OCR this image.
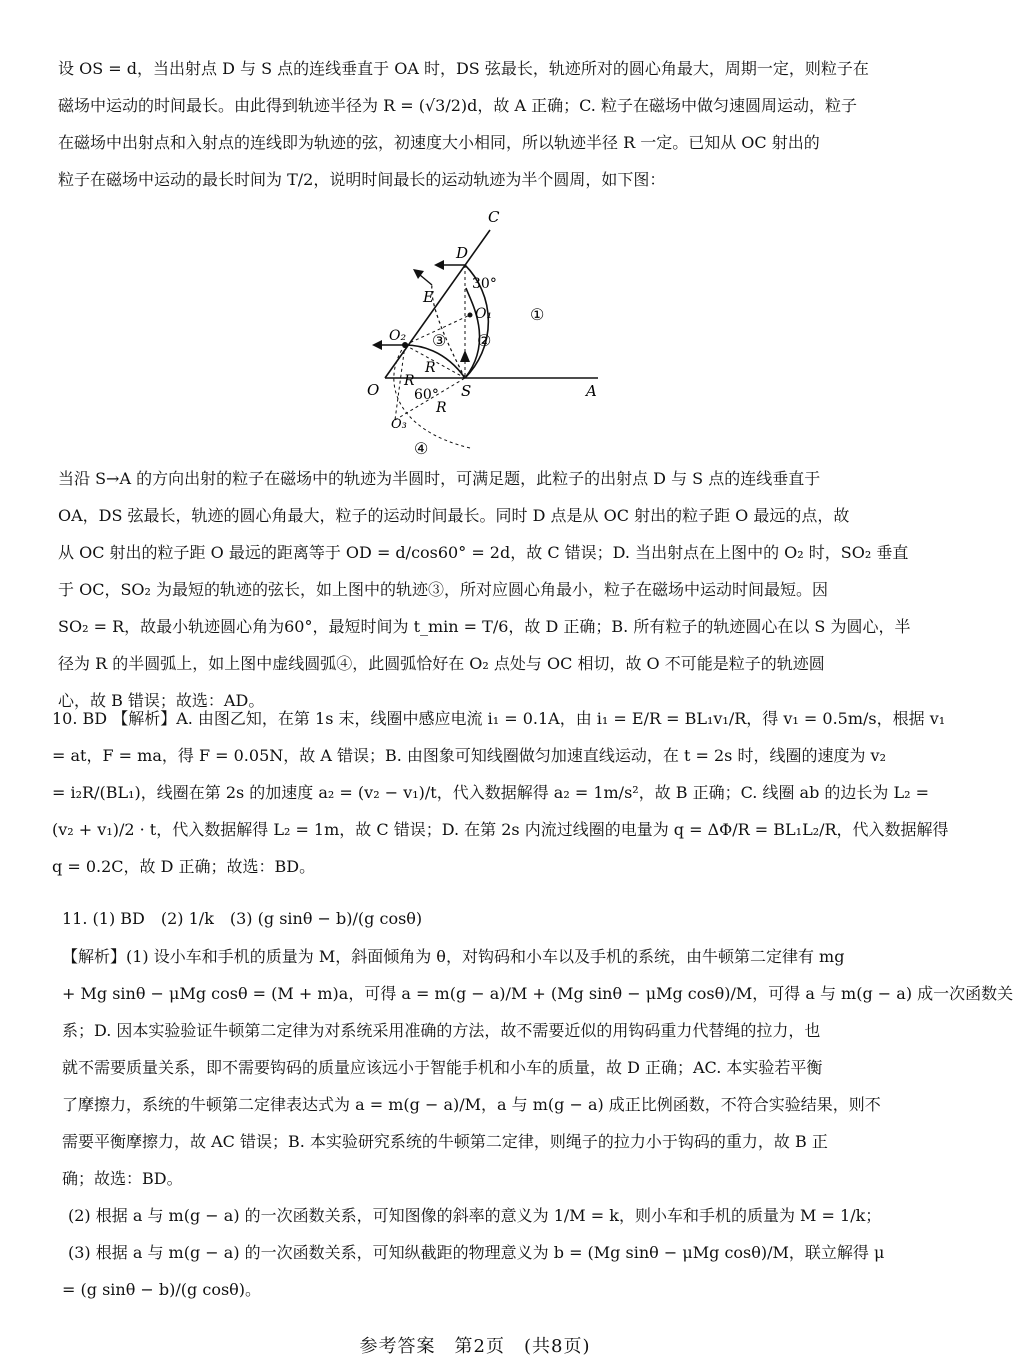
设 OS = d，当出射点 D 与 S 点的连线垂直于 OA 时，DS 弦最长，轨迹所对的圆心角最大，周期一定，则粒子在
磁场中运动的时间最长。由此得到轨迹半径为 R = (√3/2)d，故 A 正确；C. 粒子在磁场中做匀速圆周运动，粒子
在磁场中出射点和入射点的连线即为轨迹的弦，初速度大小相同，所以轨迹半径 R 一定。已知从 OC 射出的
粒子在磁场中运动的最长时间为 T/2，说明时间最长的运动轨迹为半个圆周，如下图：
C
D
30°
E
O₁ ①
O₂ ③ ②
R
O R
S	A
60°
R
O₃
④
当沿 S→A 的方向出射的粒子在磁场中的轨迹为半圆时，可满足题，此粒子的出射点 D 与 S 点的连线垂直于
OA，DS 弦最长，轨迹的圆心角最大，粒子的运动时间最长。同时 D 点是从 OC 射出的粒子距 O 最远的点，故
从 OC 射出的粒子距 O 最远的距离等于 OD = d/cos60° = 2d，故 C 错误；D. 当出射点在上图中的 O₂ 时，SO₂ 垂直
于 OC，SO₂ 为最短的轨迹的弦长，如上图中的轨迹③，所对应圆心角最小，粒子在磁场中运动时间最短。因
SO₂ = R，故最小轨迹圆心角为60°，最短时间为 t_min = T/6，故 D 正确；B. 所有粒子的轨迹圆心在以 S 为圆心，半
径为 R 的半圆弧上，如上图中虚线圆弧④，此圆弧恰好在 O₂ 点处与 OC 相切，故 O 不可能是粒子的轨迹圆
心，故 B 错误；故选：AD。
10. BD 【解析】A. 由图乙知，在第 1s 末，线圈中感应电流 i₁ = 0.1A，由 i₁ = E/R = BL₁v₁/R，得 v₁ = 0.5m/s，根据 v₁
= at，F = ma，得 F = 0.05N，故 A 错误；B. 由图象可知线圈做匀加速直线运动，在 t = 2s 时，线圈的速度为 v₂
= i₂R/(BL₁)，线圈在第 2s 的加速度 a₂ = (v₂ − v₁)/t，代入数据解得 a₂ = 1m/s²，故 B 正确；C. 线圈 ab 的边长为 L₂ =
(v₂ + v₁)/2 · t，代入数据解得 L₂ = 1m，故 C 错误；D. 在第 2s 内流过线圈的电量为 q = ΔΦ/R = BL₁L₂/R，代入数据解得
q = 0.2C，故 D 正确；故选：BD。
11. (1) BD　(2) 1/k　(3) (g sinθ − b)/(g cosθ)
【解析】(1) 设小车和手机的质量为 M，斜面倾角为 θ，对钩码和小车以及手机的系统，由牛顿第二定律有 mg
+ Mg sinθ − μMg cosθ = (M + m)a，可得 a = m(g − a)/M + (Mg sinθ − μMg cosθ)/M，可得 a 与 m(g − a) 成一次函数关
系；D. 因本实验验证牛顿第二定律为对系统采用准确的方法，故不需要近似的用钩码重力代替绳的拉力，也
就不需要质量关系，即不需要钩码的质量应该远小于智能手机和小车的质量，故 D 正确；AC. 本实验若平衡
了摩擦力，系统的牛顿第二定律表达式为 a = m(g − a)/M，a 与 m(g − a) 成正比例函数，不符合实验结果，则不
需要平衡摩擦力，故 AC 错误；B. 本实验研究系统的牛顿第二定律，则绳子的拉力小于钩码的重力，故 B 正
确；故选：BD。
(2) 根据 a 与 m(g − a) 的一次函数关系，可知图像的斜率的意义为 1/M = k，则小车和手机的质量为 M = 1/k；
(3) 根据 a 与 m(g − a) 的一次函数关系，可知纵截距的物理意义为 b = (Mg sinθ − μMg cosθ)/M，联立解得 μ
= (g sinθ − b)/(g cosθ)。
参考答案　第2页　(共8页)
